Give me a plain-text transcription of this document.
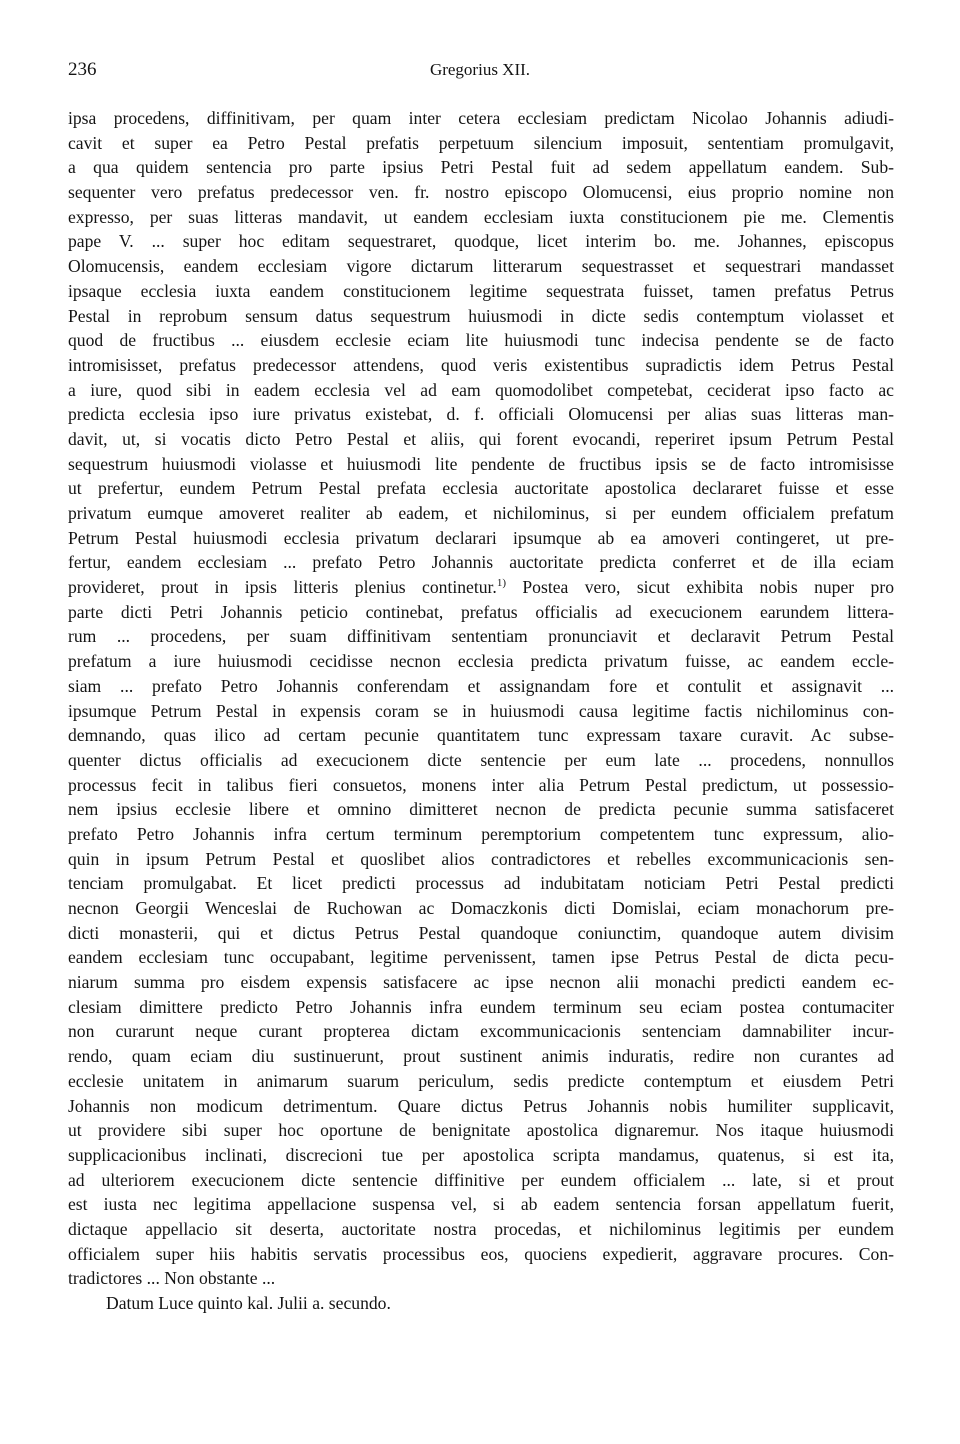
236	Gregorius XII.
ipsa procedens, diffinitivam, per quam inter cetera ecclesiam predictam Nicolao Johannis adiudi-
cavit et super ea Petro Pestal prefatis perpetuum silencium imposuit, sententiam promulgavit,
a qua quidem sentencia pro parte ipsius Petri Pestal fuit ad sedem appellatum eandem. Sub-
sequenter vero prefatus predecessor ven. fr. nostro episcopo Olomucensi, eius proprio nomine non
expresso, per suas litteras mandavit, ut eandem ecclesiam iuxta constitucionem pie me. Clementis
pape V. ... super hoc editam sequestraret, quodque, licet interim bo. me. Johannes, episcopus
Olomucensis, eandem ecclesiam vigore dictarum litterarum sequestrasset et sequestrari mandasset
ipsaque ecclesia iuxta eandem constitucionem legitime sequestrata fuisset, tamen prefatus Petrus
Pestal in reprobum sensum datus sequestrum huiusmodi in dicte sedis contemptum violasset et
quod de fructibus ... eiusdem ecclesie eciam lite huiusmodi tunc indecisa pendente se de facto
intromisisset, prefatus predecessor attendens, quod veris existentibus supradictis idem Petrus Pestal
a iure, quod sibi in eadem ecclesia vel ad eam quomodolibet competebat, ceciderat ipso facto ac
predicta ecclesia ipso iure privatus existebat, d. f. officiali Olomucensi per alias suas litteras man-
davit, ut, si vocatis dicto Petro Pestal et aliis, qui forent evocandi, reperiret ipsum Petrum Pestal
sequestrum huiusmodi violasse et huiusmodi lite pendente de fructibus ipsis se de facto intromisisse
ut prefertur, eundem Petrum Pestal prefata ecclesia auctoritate apostolica declararet fuisse et esse
privatum eumque amoveret realiter ab eadem, et nichilominus, si per eundem officialem prefatum
Petrum Pestal huiusmodi ecclesia privatum declarari ipsumque ab ea amoveri contingeret, ut pre-
fertur, eandem ecclesiam ... prefato Petro Johannis auctoritate predicta conferret et de illa eciam
provideret, prout in ipsis litteris plenius continetur.$^{1)}$ Postea vero, sicut exhibita nobis nuper pro
parte dicti Petri Johannis peticio continebat, prefatus officialis ad execucionem earundem littera-
rum ... procedens, per suam diffinitivam sententiam pronunciavit et declaravit Petrum Pestal
prefatum a iure huiusmodi cecidisse necnon ecclesia predicta privatum fuisse, ac eandem eccle-
siam ... prefato Petro Johannis conferendam et assignandam fore et contulit et assignavit ...
ipsumque Petrum Pestal in expensis coram se in huiusmodi causa legitime factis nichilominus con-
demnando, quas ilico ad certam pecunie quantitatem tunc expressam taxare curavit. Ac subse-
quenter dictus officialis ad execucionem dicte sentencie per eum late ... procedens, nonnullos
processus fecit in talibus fieri consuetos, monens inter alia Petrum Pestal predictum, ut possessio-
nem ipsius ecclesie libere et omnino dimitteret necnon de predicta pecunie summa satisfaceret
prefato Petro Johannis infra certum terminum peremptorium competentem tunc expressum, alio-
quin in ipsum Petrum Pestal et quoslibet alios contradictores et rebelles excommunicacionis sen-
tenciam promulgabat. Et licet predicti processus ad indubitatam noticiam Petri Pestal predicti
necnon Georgii Wenceslai de Ruchowan ac Domaczkonis dicti Domislai, eciam monachorum pre-
dicti monasterii, qui et dictus Petrus Pestal quandoque coniunctim, quandoque autem divisim
eandem ecclesiam tunc occupabant, legitime pervenissent, tamen ipse Petrus Pestal de dicta pecu-
niarum summa pro eisdem expensis satisfacere ac ipse necnon alii monachi predicti eandem ec-
clesiam dimittere predicto Petro Johannis infra eundem terminum seu eciam postea contumaciter
non curarunt neque curant propterea dictam excommunicacionis sentenciam damnabiliter incur-
rendo, quam eciam diu sustinuerunt, prout sustinent animis induratis, redire non curantes ad
ecclesie unitatem in animarum suarum periculum, sedis predicte contemptum et eiusdem Petri
Johannis non modicum detrimentum. Quare dictus Petrus Johannis nobis humiliter supplicavit,
ut providere sibi super hoc oportune de benignitate apostolica dignaremur. Nos itaque huiusmodi
supplicacionibus inclinati, discrecioni tue per apostolica scripta mandamus, quatenus, si est ita,
ad ulteriorem execucionem dicte sentencie diffinitive per eundem officialem ... late, si et prout
est iusta nec legitima appellacione suspensa vel, si ab eadem sentencia forsan appellatum fuerit,
dictaque appellacio sit deserta, auctoritate nostra procedas, et nichilominus legitimis per eundem
officialem super hiis habitis servatis processibus eos, quociens expedierit, aggravare procures. Con-
tradictores ... Non obstante ...
Datum Luce quinto kal. Julii a. secundo.
